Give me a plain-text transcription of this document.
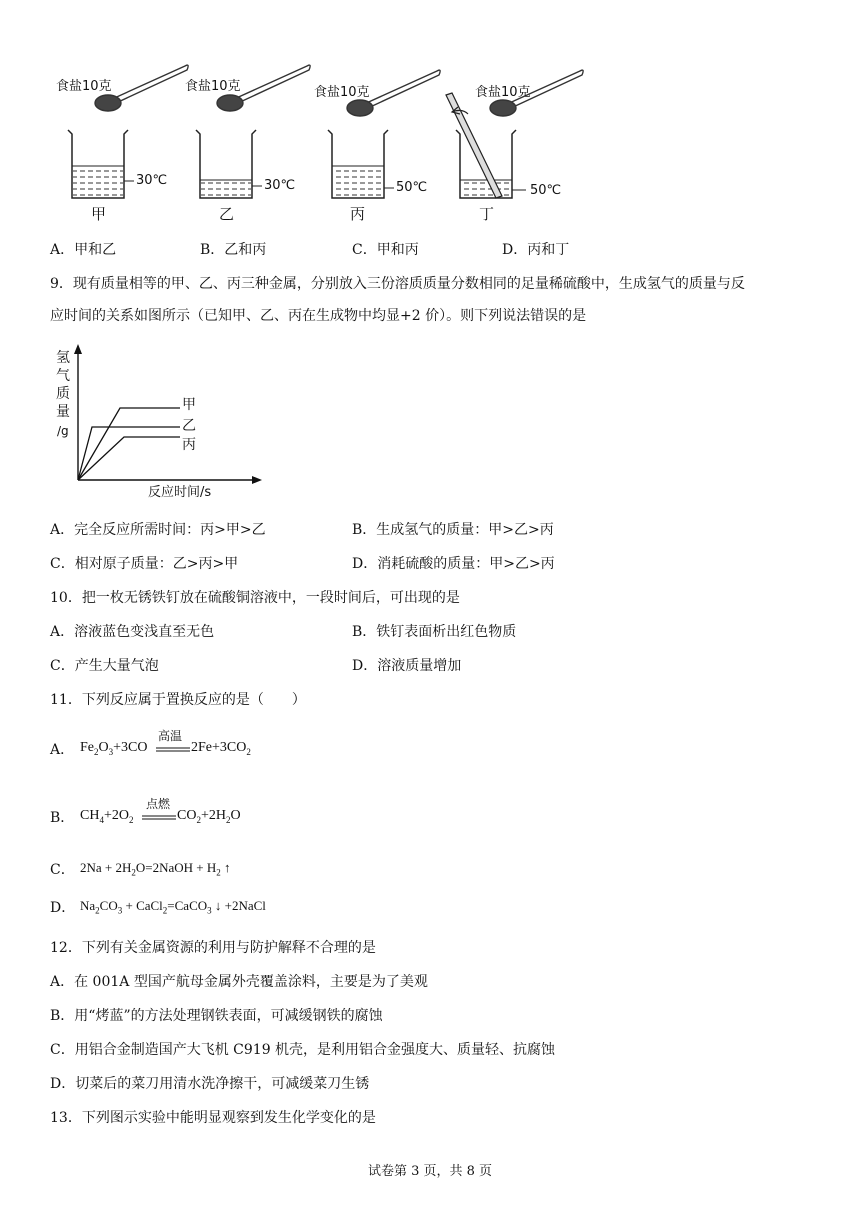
食盐10克	食盐10克	食盐10克	食盐10克
30℃	30℃	50℃	50℃
甲	乙	丙	丁
A．甲和乙	B．乙和丙	C．甲和丙	D．丙和丁
9．现有质量相等的甲、乙、丙三种金属，分别放入三份溶质质量分数相同的足量稀硫酸中，生成氢气的质量与反
应时间的关系如图所示（已知甲、乙、丙在生成物中均显+2 价）。则下列说法错误的是
氢
气
质
量
/g
反应时间/s
甲
乙
丙
A．完全反应所需时间：丙>甲>乙	B．生成氢气的质量：甲>乙>丙
C．相对原子质量：乙>丙>甲	D．消耗硫酸的质量：甲>乙>丙
10．把一枚无锈铁钉放在硫酸铜溶液中，一段时间后，可出现的是
A．溶液蓝色变浅直至无色	B．铁钉表面析出红色物质
C．产生大量气泡	D．溶液质量增加
11．下列反应属于置换反应的是（　　）
A． $Fe_2O_3+3CO$
高温
$2Fe+3CO_2$
B． $CH_4+2O_2$
点燃
$CO_2+2H_2O$
C． $2Na + 2H_2O=2NaOH + H_2$ ↑
D． $Na_2CO_3$ + CaCl$_2$=CaCO$_3$ ↓ +2NaCl
12．下列有关金属资源的利用与防护解释不合理的是
A．在 001A 型国产航母金属外壳覆盖涂料，主要是为了美观
B．用“烤蓝”的方法处理钢铁表面，可减缓钢铁的腐蚀
C．用铝合金制造国产大飞机 C919 机壳，是利用铝合金强度大、质量轻、抗腐蚀
D．切菜后的菜刀用清水洗净擦干，可减缓菜刀生锈
13．下列图示实验中能明显观察到发生化学变化的是
试卷第 3 页，共 8 页
